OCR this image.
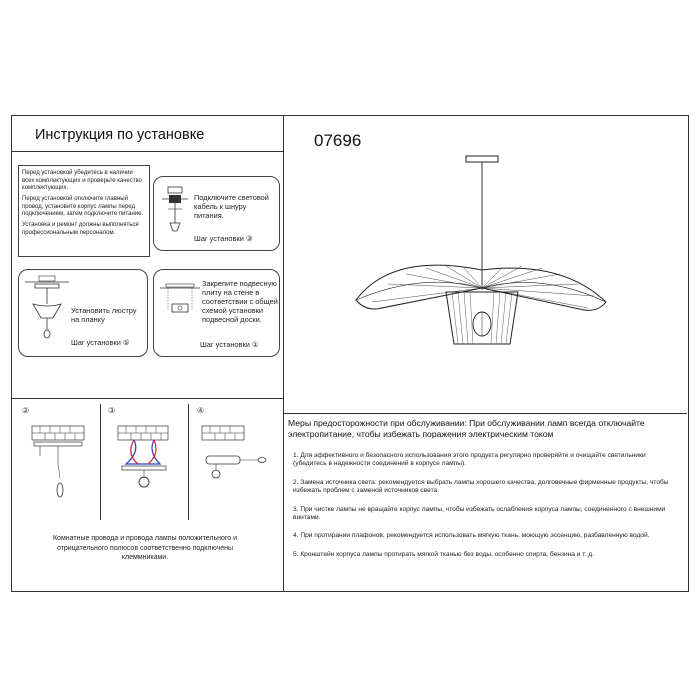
Инструкция по установке	07696

Перед установкой убедитесь в наличии всех комплектующих и проверьте качество комплектующих.

Перед установкой отключите главный провод, установите корпус лампы перед подключением, затем подключите питание.

Установка и ремонт должны выполняться профессиональным персоналом.

Подключите световой кабель к шнуру питания.
Шаг установки ③
Установить люстру на планку
Шаг установки ⑤
Закрепите подвесную плиту на стене в соответствии с общей схемой установки подвесной доски.
Шаг установки ①
②	③	④
Комнатные провода и провода лампы положительного и отрицательного полюсов соответственно подключены клеммниками.
Меры предосторожности при обслуживании: При обслуживании ламп всегда отключайте электропитание, чтобы избежать поражения электрическим током

1. Для эффективного и безопасного использования этого продукта регулярно проверяйте и очищайте светильники (убедитесь в надежности соединений в корпусе лампы).

2. Замена источника света: рекомендуется выбрать лампы хорошего качества, долговечные фирменные продукты, чтобы избежать проблем с заменой источников света.

3. При чистке лампы не вращайте корпус лампы, чтобы избежать ослабления корпуса лампы, соединенного с внешними винтами.

4. При протирании плафонов, рекомендуется использовать мягкую ткань, моющую эссенцию, разбавленную водой.

5. Кронштейн корпуса лампы протирать мягкой тканью без воды, особенно спирта, бензина и т. д.
